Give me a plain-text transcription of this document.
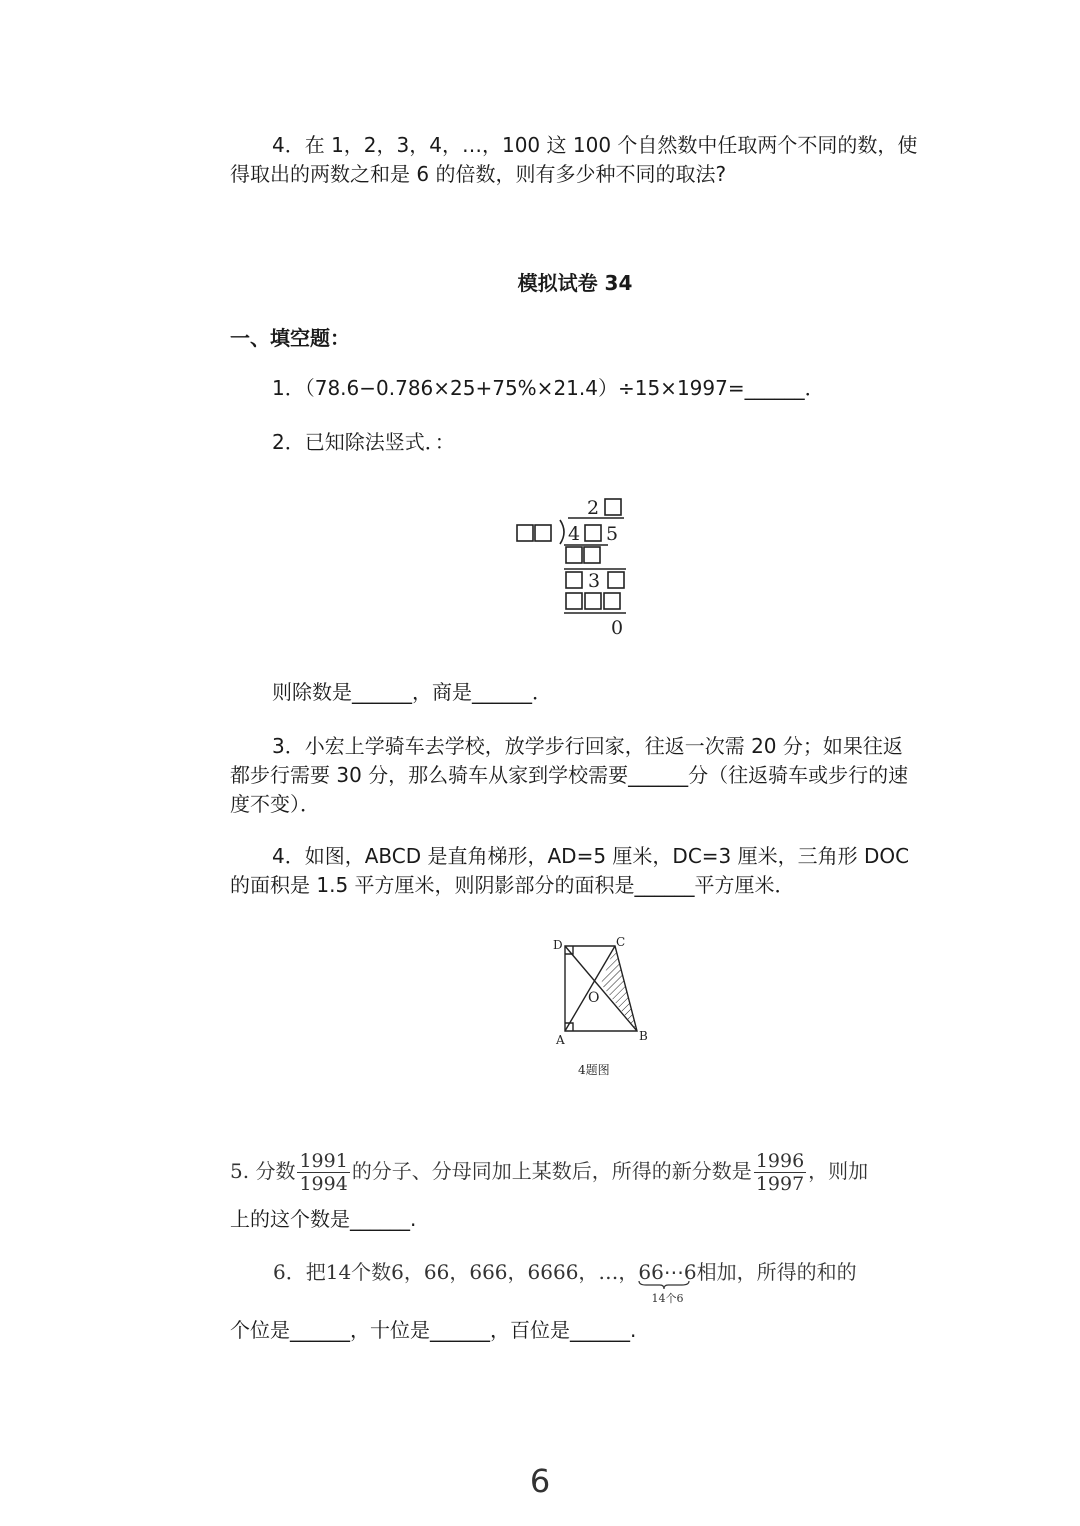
4．在 1，2，3，4，…，100 这 100 个自然数中任取两个不同的数，使得取出的两数之和是 6 的倍数，则有多少种不同的取法?

模拟试卷 34
一、填空题：

1．（78.6−0.786×25+75%×21.4）÷15×1997=______．

2．已知除法竖式．：

2
4 5
3
0

则除数是______，商是______．

3．小宏上学骑车去学校，放学步行回家，往返一次需 20 分；如果往返都步行需要 30 分，那么骑车从家到学校需要______分（往返骑车或步行的速度不变）．

4．如图，ABCD 是直角梯形，AD=5 厘米，DC=3 厘米，三角形 DOC 的面积是 1.5 平方厘米，则阴影部分的面积是______平方厘米．

D	C
O
B
A
4题图
5. 分数 $\frac{1991}{1994}$ 的分子、分母同加上某数后，所得的新分数是 $\frac{1996}{1997}$ ，则加

上的这个数是______.

6．把14个数6，66，666，6666，…，66⋯6
14个6
相加，所得的和的

个位是______，十位是______，百位是______.

6
